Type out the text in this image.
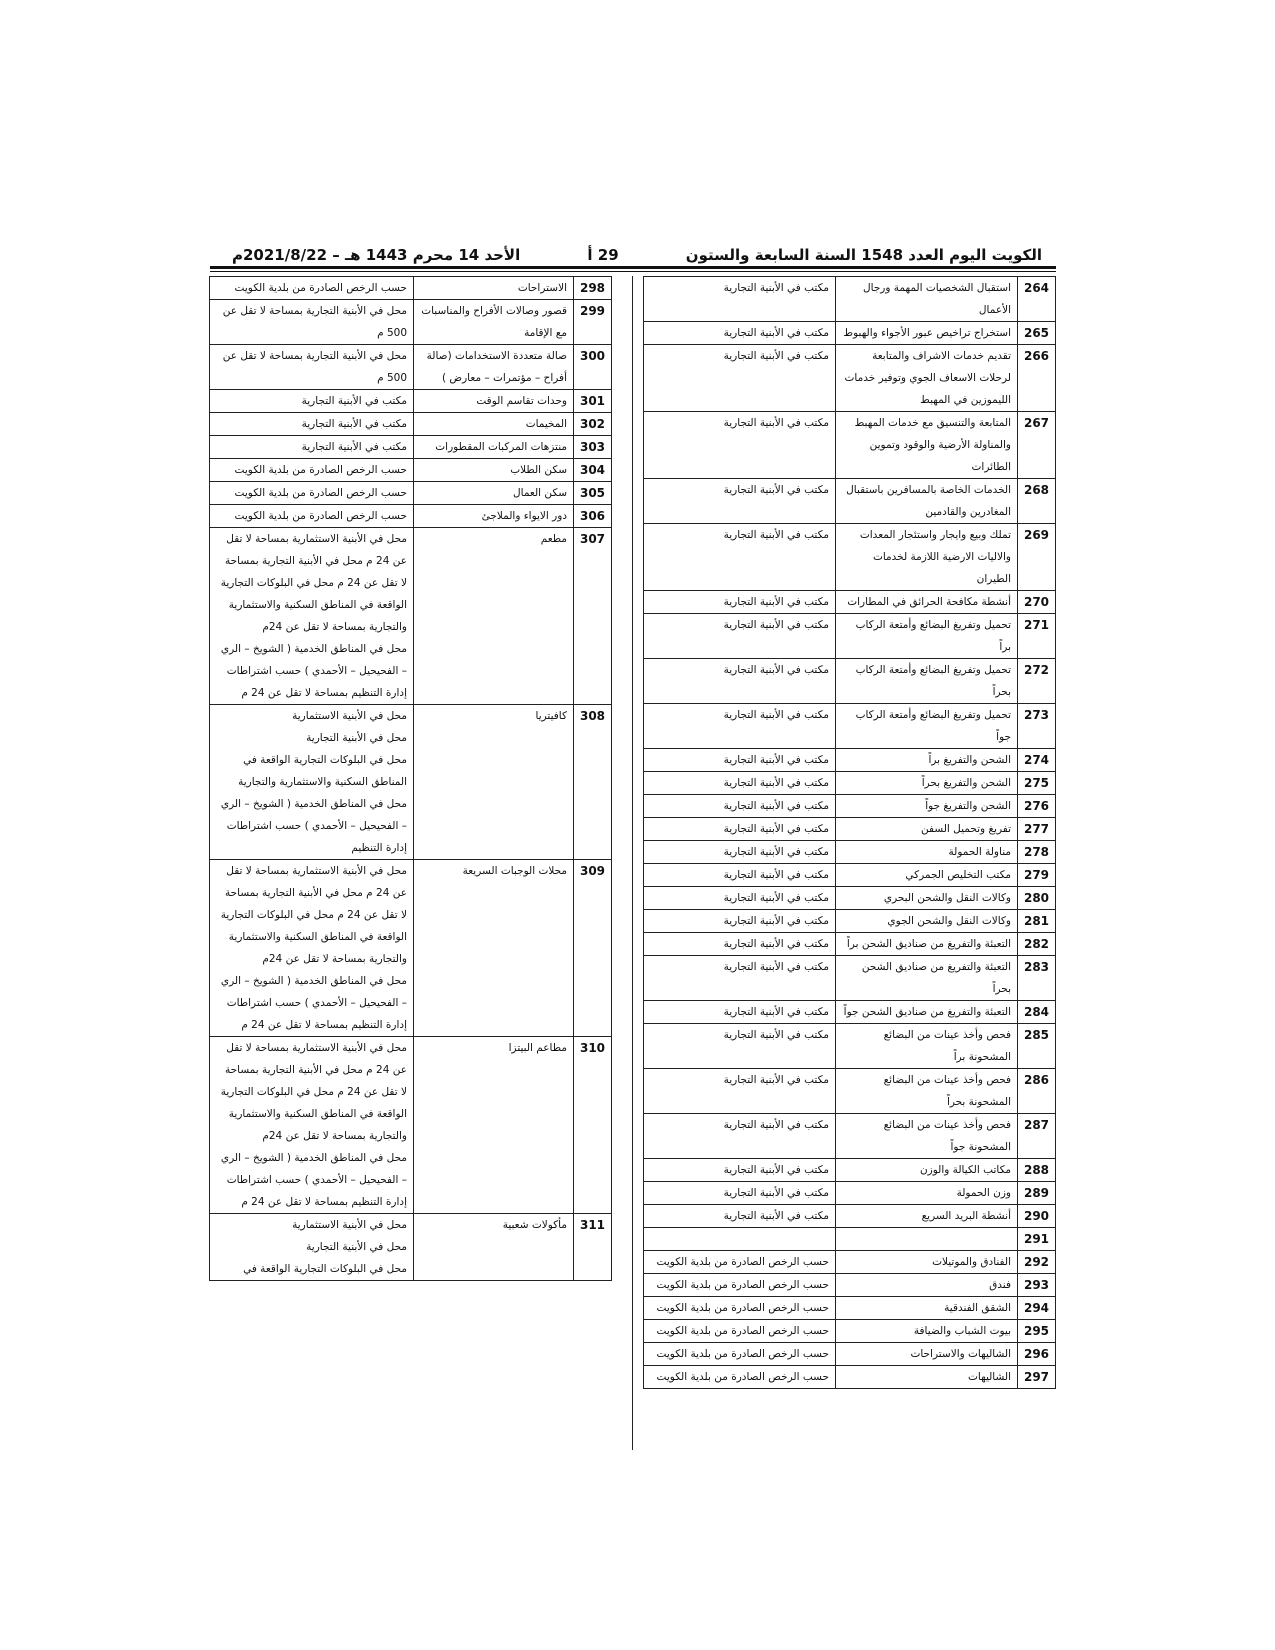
الكويت اليوم العدد 1548 السنة السابعة والستون
29 أ
الأحد 14 محرم 1443 هـ – 2021/8/22م
264	استقبال الشخصيات المهمة ورجال الأعمال	مكتب في الأبنية التجارية
265	استخراج تراخيص عبور الأجواء والهبوط	مكتب في الأبنية التجارية
266	تقديم خدمات الاشراف والمتابعة لرحلات الاسعاف الجوي وتوفير خدمات الليموزين في المهبط	مكتب في الأبنية التجارية
267	المتابعة والتنسيق مع خدمات المهبط والمناولة الأرضية والوقود وتموين الطائرات	مكتب في الأبنية التجارية
268	الخدمات الخاصة بالمسافرين باستقبال المغادرين والقادمين	مكتب في الأبنية التجارية
269	تملك وبيع وايجار واستئجار المعدات والاليات الارضية اللازمة لخدمات الطيران	مكتب في الأبنية التجارية
270	أنشطة مكافحة الحرائق في المطارات	مكتب في الأبنية التجارية
271	تحميل وتفريغ البضائع وأمتعة الركاب براً	مكتب في الأبنية التجارية
272	تحميل وتفريغ البضائع وأمتعة الركاب بحراً	مكتب في الأبنية التجارية
273	تحميل وتفريغ البضائع وأمتعة الركاب جواً	مكتب في الأبنية التجارية
274	الشحن والتفريغ براً	مكتب في الأبنية التجارية
275	الشحن والتفريغ بحراً	مكتب في الأبنية التجارية
276	الشحن والتفريغ جواً	مكتب في الأبنية التجارية
277	تفريغ وتحميل السفن	مكتب في الأبنية التجارية
278	مناولة الحمولة	مكتب في الأبنية التجارية
279	مكتب التخليص الجمركي	مكتب في الأبنية التجارية
280	وكالات النقل والشحن البحري	مكتب في الأبنية التجارية
281	وكالات النقل والشحن الجوي	مكتب في الأبنية التجارية
282	التعبئة والتفريغ من صناديق الشحن براً	مكتب في الأبنية التجارية
283	التعبئة والتفريغ من صناديق الشحن بحراً	مكتب في الأبنية التجارية
284	التعبئة والتفريغ من صناديق الشحن جواً	مكتب في الأبنية التجارية
285	فحص وأخذ عينات من البضائع المشحونة براً	مكتب في الأبنية التجارية
286	فحص وأخذ عينات من البضائع المشحونة بحراً	مكتب في الأبنية التجارية
287	فحص وأخذ عينات من البضائع المشحونة جواً	مكتب في الأبنية التجارية
288	مكاتب الكيالة والوزن	مكتب في الأبنية التجارية
289	وزن الحمولة	مكتب في الأبنية التجارية
290	أنشطة البريد السريع	مكتب في الأبنية التجارية
291		
292	الفنادق والموتيلات	حسب الرخص الصادرة من بلدية الكويت
293	فندق	حسب الرخص الصادرة من بلدية الكويت
294	الشقق الفندقية	حسب الرخص الصادرة من بلدية الكويت
295	بيوت الشباب والضيافة	حسب الرخص الصادرة من بلدية الكويت
296	الشاليهات والاستراحات	حسب الرخص الصادرة من بلدية الكويت
297	الشاليهات	حسب الرخص الصادرة من بلدية الكويت
298	الاستراحات	حسب الرخص الصادرة من بلدية الكويت
299	قصور وصالات الأفراح والمناسبات مع الإقامة	محل في الأبنية التجارية بمساحة لا تقل عن 500 م
300	صالة متعددة الاستخدامات (صالة أفراح – مؤتمرات – معارض )	محل في الأبنية التجارية بمساحة لا تقل عن 500 م
301	وحدات تقاسم الوقت	مكتب في الأبنية التجارية
302	المخيمات	مكتب في الأبنية التجارية
303	منتزهات المركبات المقطورات	مكتب في الأبنية التجارية
304	سكن الطلاب	حسب الرخص الصادرة من بلدية الكويت
305	سكن العمال	حسب الرخص الصادرة من بلدية الكويت
306	دور الايواء والملاجئ	حسب الرخص الصادرة من بلدية الكويت
307	مطعم	محل في الأبنية الاستثمارية بمساحة لا تقل عن 24 م محل في الأبنية التجارية بمساحة لا تقل عن 24 م محل في البلوكات التجارية الواقعة في المناطق السكنية والاستثمارية والتجارية بمساحة لا تقل عن 24م
محل في المناطق الخدمية ( الشويخ – الري – الفحيحيل – الأحمدي ) حسب اشتراطات إدارة التنظيم بمساحة لا تقل عن 24 م
308	كافيتريا	محل في الأبنية الاستثمارية
محل في الأبنية التجارية
محل في البلوكات التجارية الواقعة في المناطق السكنية والاستثمارية والتجارية
محل في المناطق الخدمية ( الشويخ – الري – الفحيحيل – الأحمدي ) حسب اشتراطات إدارة التنظيم
309	محلات الوجبات السريعة	محل في الأبنية الاستثمارية بمساحة لا تقل عن 24 م محل في الأبنية التجارية بمساحة لا تقل عن 24 م محل في البلوكات التجارية الواقعة في المناطق السكنية والاستثمارية والتجارية بمساحة لا تقل عن 24م
محل في المناطق الخدمية ( الشويخ – الري – الفحيحيل – الأحمدي ) حسب اشتراطات إدارة التنظيم بمساحة لا تقل عن 24 م
310	مطاعم البيتزا	محل في الأبنية الاستثمارية بمساحة لا تقل عن 24 م محل في الأبنية التجارية بمساحة لا تقل عن 24 م محل في البلوكات التجارية الواقعة في المناطق السكنية والاستثمارية والتجارية بمساحة لا تقل عن 24م
محل في المناطق الخدمية ( الشويخ – الري – الفحيحيل – الأحمدي ) حسب اشتراطات إدارة التنظيم بمساحة لا تقل عن 24 م
311	مأكولات شعبية	محل في الأبنية الاستثمارية
محل في الأبنية التجارية
محل في البلوكات التجارية الواقعة في
